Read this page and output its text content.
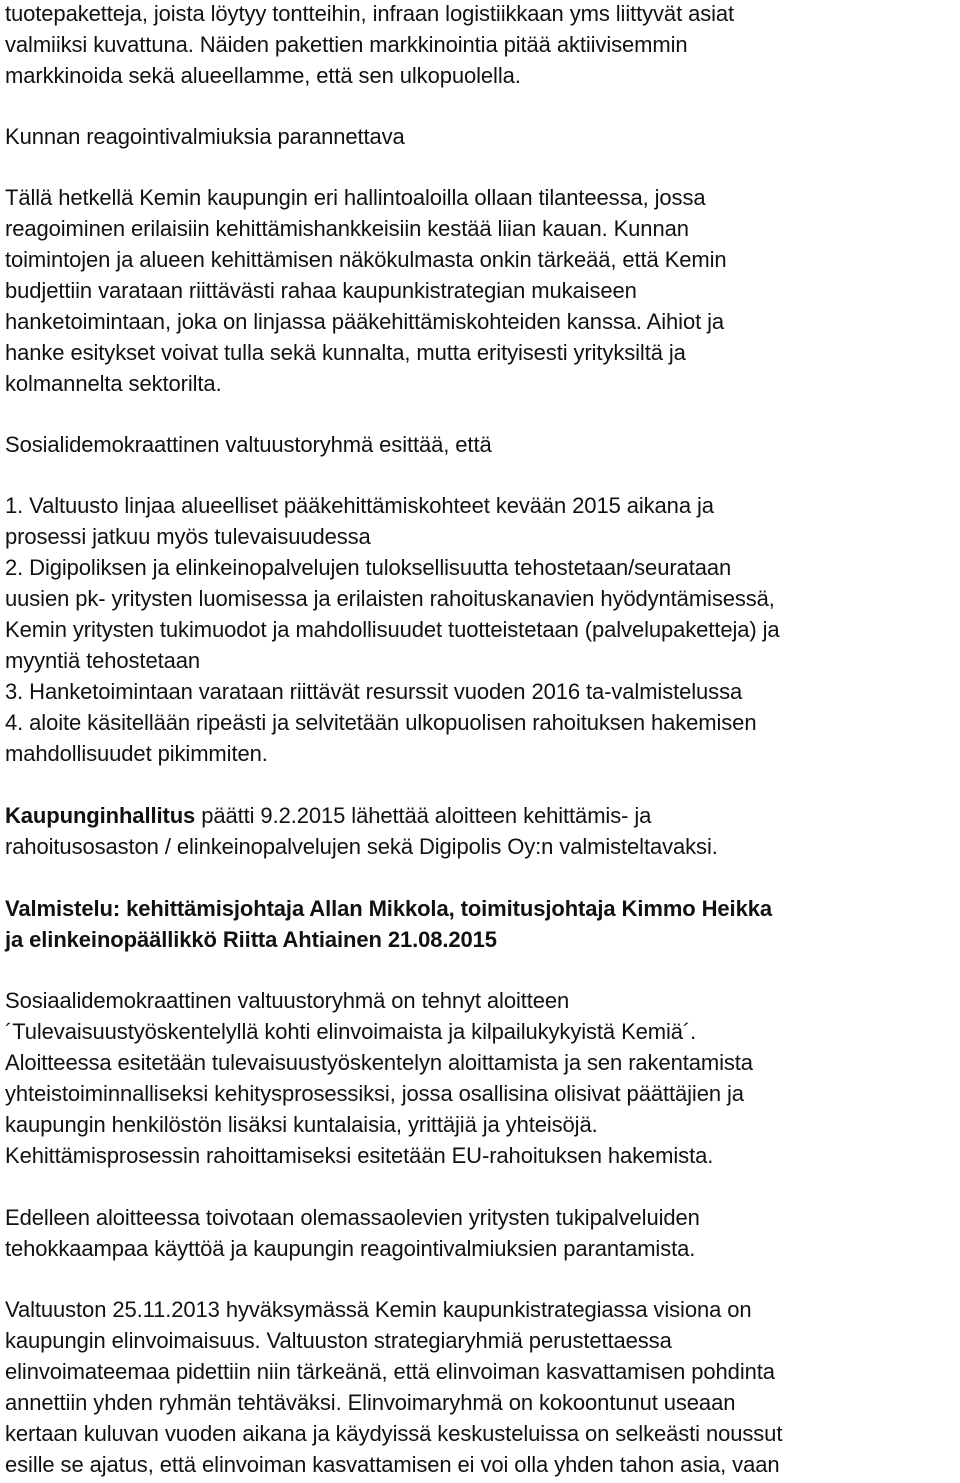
tuotepaketteja, joista löytyy tontteihin, infraan logistiikkaan yms liittyvät asiat
valmiiksi kuvattuna. Näiden pakettien markkinointia pitää aktiivisemmin
markkinoida sekä alueellamme, että sen ulkopuolella.
Kunnan reagointivalmiuksia parannettava
Tällä hetkellä Kemin kaupungin eri hallintoaloilla ollaan tilanteessa, jossa
reagoiminen erilaisiin kehittämishankkeisiin kestää liian kauan. Kunnan
toimintojen ja alueen kehittämisen näkökulmasta onkin tärkeää, että Kemin
budjettiin varataan riittävästi rahaa kaupunkistrategian mukaiseen
hanketoimintaan, joka on linjassa pääkehittämiskohteiden kanssa. Aihiot ja
hanke esitykset voivat tulla sekä kunnalta, mutta erityisesti yrityksiltä ja
kolmannelta sektorilta.
Sosialidemokraattinen valtuustoryhmä esittää, että
1. Valtuusto linjaa alueelliset pääkehittämiskohteet kevään 2015 aikana ja
prosessi jatkuu myös tulevaisuudessa
2. Digipoliksen ja elinkeinopalvelujen tuloksellisuutta tehostetaan/seurataan
uusien pk- yritysten luomisessa ja erilaisten rahoituskanavien hyödyntämisessä,
Kemin yritysten tukimuodot ja mahdollisuudet tuotteistetaan (palvelupaketteja) ja
myyntiä tehostetaan
3. Hanketoimintaan varataan riittävät resurssit vuoden 2016 ta-valmistelussa
4. aloite käsitellään ripeästi ja selvitetään ulkopuolisen rahoituksen hakemisen
mahdollisuudet pikimmiten.
Kaupunginhallitus päätti 9.2.2015 lähettää aloitteen kehittämis- ja
rahoitusosaston / elinkeinopalvelujen sekä Digipolis Oy:n valmisteltavaksi.
Valmistelu: kehittämisjohtaja Allan Mikkola, toimitusjohtaja Kimmo Heikka
ja elinkeinopäällikkö Riitta Ahtiainen 21.08.2015
Sosiaalidemokraattinen valtuustoryhmä on tehnyt aloitteen
´Tulevaisuustyöskentelyllä kohti elinvoimaista ja kilpailukykyistä Kemiä´.
Aloitteessa esitetään tulevaisuustyöskentelyn aloittamista ja sen rakentamista
yhteistoiminnalliseksi kehitysprosessiksi, jossa osallisina olisivat päättäjien ja
kaupungin henkilöstön lisäksi kuntalaisia, yrittäjiä ja yhteisöjä.
Kehittämisprosessin rahoittamiseksi esitetään EU-rahoituksen hakemista.
Edelleen aloitteessa toivotaan olemassaolevien yritysten tukipalveluiden
tehokkaampaa käyttöä ja kaupungin reagointivalmiuksien parantamista.
Valtuuston 25.11.2013 hyväksymässä Kemin kaupunkistrategiassa visiona on
kaupungin elinvoimaisuus. Valtuuston strategiaryhmiä perustettaessa
elinvoimateemaa pidettiin niin tärkeänä, että elinvoiman kasvattamisen pohdinta
annettiin yhden ryhmän tehtäväksi. Elinvoimaryhmä on kokoontunut useaan
kertaan kuluvan vuoden aikana ja käydyissä keskusteluissa on selkeästi noussut
esille se ajatus, että elinvoiman kasvattamisen ei voi olla yhden tahon asia, vaan
